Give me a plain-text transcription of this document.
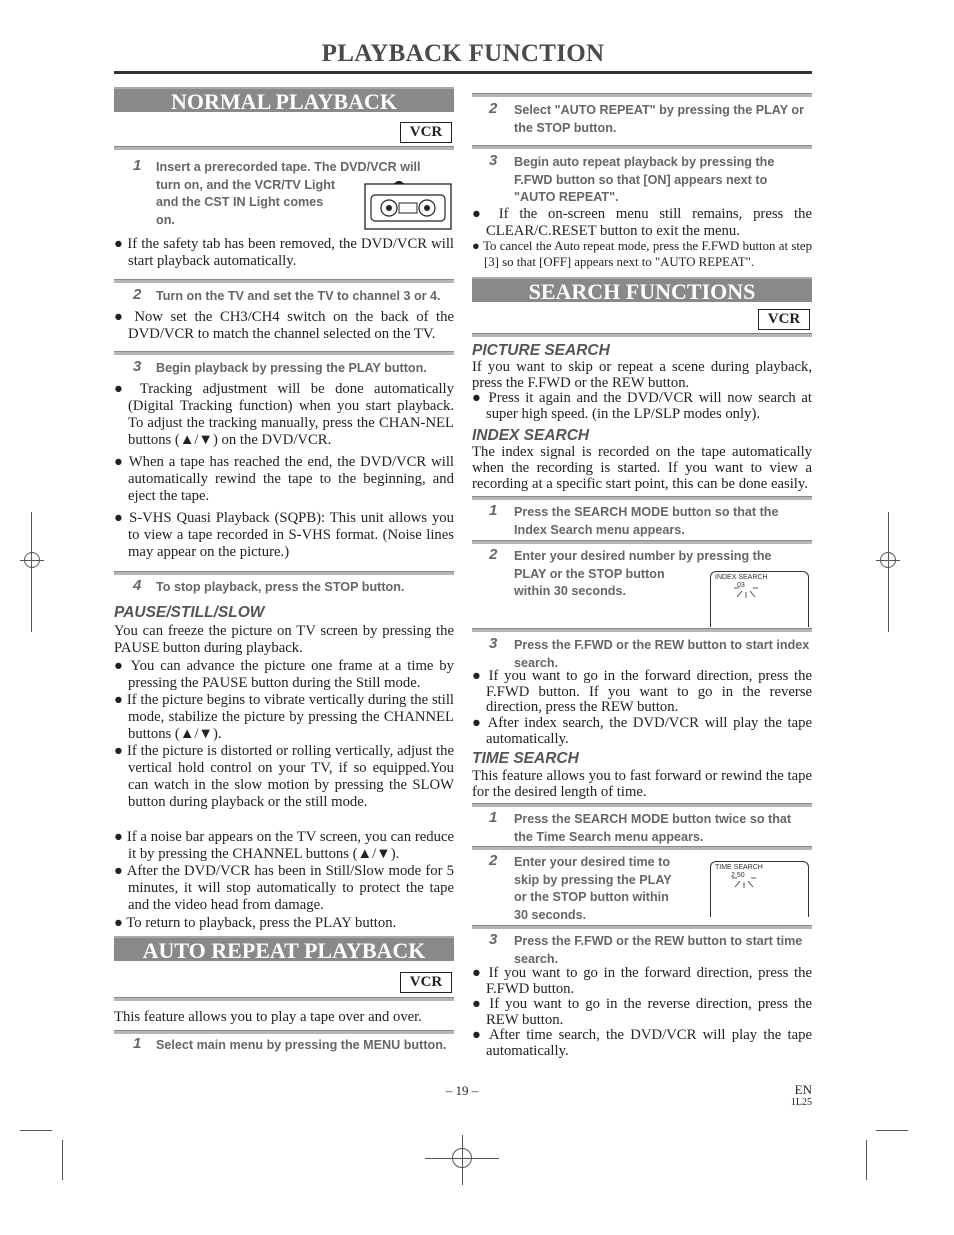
PLAYBACK FUNCTION
NORMAL PLAYBACK
VCR
1 Insert a prerecorded tape. The DVD/VCR will
turn on, and the VCR/TV Light
and the CST IN Light comes
on.
● If the safety tab has been removed, the DVD/VCR will start playback automatically.
2 Turn on the TV and set the TV to channel 3 or 4.
● Now set the CH3/CH4 switch on the back of the DVD/VCR to match the channel selected on the TV.
3 Begin playback by pressing the PLAY button.
● Tracking adjustment will be done automatically (Digital Tracking function) when you start playback. To adjust the tracking manually, press the CHAN-NEL buttons (▲/▼) on the DVD/VCR.
● When a tape has reached the end, the DVD/VCR will automatically rewind the tape to the beginning, and eject the tape.
● S-VHS Quasi Playback (SQPB): This unit allows you to view a tape recorded in S-VHS format. (Noise lines may appear on the picture.)
4 To stop playback, press the STOP button.
PAUSE/STILL/SLOW
You can freeze the picture on TV screen by pressing the PAUSE button during playback.
● You can advance the picture one frame at a time by pressing the PAUSE button during the Still mode.
● If the picture begins to vibrate vertically during the still mode, stabilize the picture by pressing the CHANNEL buttons (▲/▼).
● If the picture is distorted or rolling vertically, adjust the vertical hold control on your TV, if so equipped.You can watch in the slow motion by pressing the SLOW button during playback or the still mode.
● If a noise bar appears on the TV screen, you can reduce it by pressing the CHANNEL buttons (▲/▼).
● After the DVD/VCR has been in Still/Slow mode for 5 minutes, it will stop automatically to protect the tape and the video head from damage.
● To return to playback, press the PLAY button.
AUTO REPEAT PLAYBACK
VCR
This feature allows you to play a tape over and over.
1 Select main menu by pressing the MENU button.
2 Select "AUTO REPEAT" by pressing the PLAY or the STOP button.
3 Begin auto repeat playback by pressing the F.FWD button so that [ON] appears next to "AUTO REPEAT".
● If the on-screen menu still remains, press the CLEAR/C.RESET button to exit the menu.
● To cancel the Auto repeat mode, press the F.FWD button at step [3] so that [OFF] appears next to "AUTO REPEAT".
SEARCH FUNCTIONS
VCR
PICTURE SEARCH
If you want to skip or repeat a scene during playback, press the F.FWD or the REW button.
● Press it again and the DVD/VCR will now search at super high speed. (in the LP/SLP modes only).
INDEX SEARCH
The index signal is recorded on the tape automatically when the recording is started. If you want to view a recording at a specific start point, this can be done easily.
1 Press the SEARCH MODE button so that the Index Search menu appears.
2 Enter your desired number by pressing the
PLAY or the STOP button
within 30 seconds.
INDEX SEARCH
03
3 Press the F.FWD or the REW button to start index search.
● If you want to go in the forward direction, press the F.FWD button. If you want to go in the reverse direction, press the REW button.
● After index search, the DVD/VCR will play the tape automatically.
TIME SEARCH
This feature allows you to fast forward or rewind the tape for the desired length of time.
1 Press the SEARCH MODE button twice so that the Time Search menu appears.
2 Enter your desired time to
skip by pressing the PLAY
or the STOP button within
30 seconds.
TIME SEARCH
2 50
3 Press the F.FWD or the REW button to start time search.
● If you want to go in the forward direction, press the F.FWD button.
● If you want to go in the reverse direction, press the REW button.
● After time search, the DVD/VCR will play the tape automatically.
– 19 –	EN
1L25
